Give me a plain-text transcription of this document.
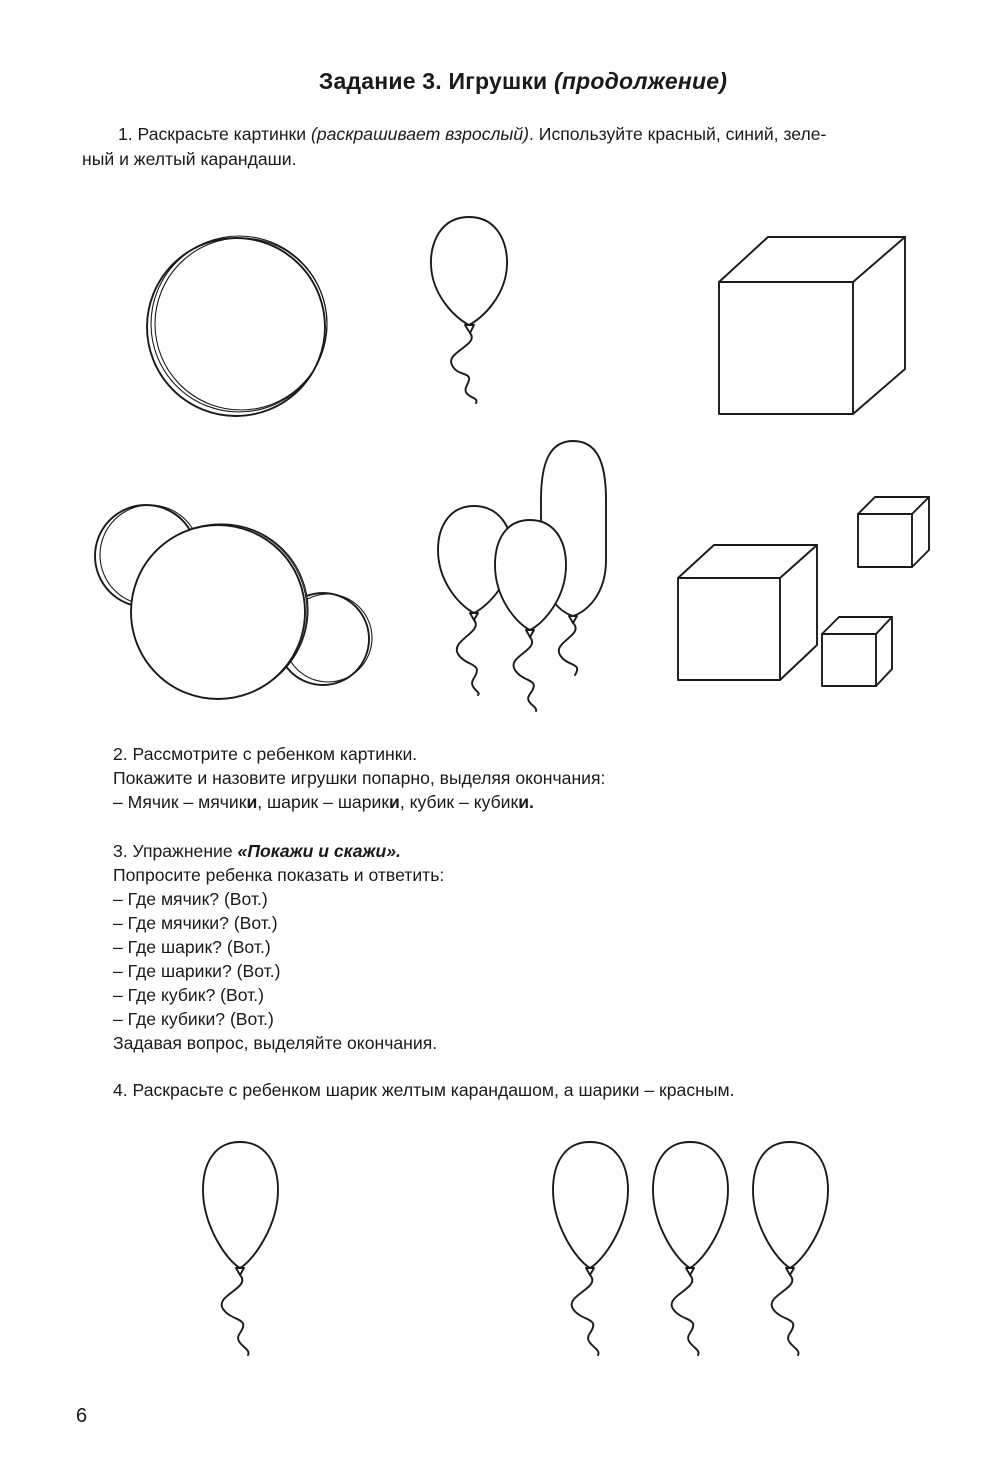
Задание 3. Игрушки (продолжение)
1. Раскрасьте картинки (раскрашивает взрослый). Используйте красный, синий, зеле-
ный и желтый карандаши.
2. Рассмотрите с ребенком картинки.
Покажите и назовите игрушки попарно, выделяя окончания:
– Мячик – мячики, шарик – шарики, кубик – кубики.
3. Упражнение «Покажи и скажи».
Попросите ребенка показать и ответить:
– Где мячик? (Вот.)
– Где мячики? (Вот.)
– Где шарик? (Вот.)
– Где шарики? (Вот.)
– Где кубик? (Вот.)
– Где кубики? (Вот.)
Задавая вопрос, выделяйте окончания.
4. Раскрасьте с ребенком шарик желтым карандашом, а шарики – красным.
6
